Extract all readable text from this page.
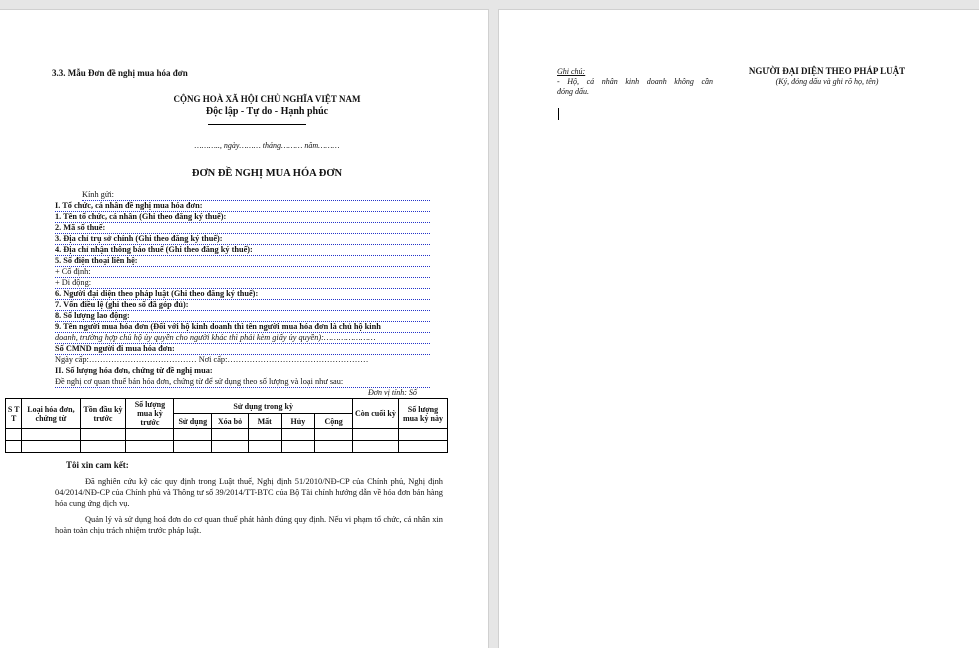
3.3. Mẫu Đơn đề nghị mua hóa đơn
CỘNG HOÀ XÃ HỘI CHỦ NGHĨA VIỆT NAM
Độc lập - Tự do - Hạnh phúc
……….., ngày……… tháng……… năm………
ĐƠN ĐỀ NGHỊ MUA HÓA ĐƠN
Kính gửi:
I. Tổ chức, cá nhân đề nghị mua hóa đơn:
1. Tên tổ chức, cá nhân (Ghi theo đăng ký thuế):
2. Mã số thuế:
3. Địa chỉ trụ sở chính (Ghi theo đăng ký thuế):
4. Địa chỉ nhận thông báo thuế (Ghi theo đăng ký thuế):
5. Số điện thoại liên hệ:
+ Cố định:
+ Di động:
6. Người đại diện theo pháp luật (Ghi theo đăng ký thuế):
7. Vốn điều lệ (ghi theo số đã góp đủ):
8. Số lượng lao động:
9. Tên người mua hóa đơn (Đối với hộ kinh doanh thì tên người mua hóa đơn là chủ hộ kinh
doanh, trường hợp chủ hộ ủy quyền cho người khác thì phải kèm giấy ủy quyền):…………………
Số CMND người đi mua hóa đơn:
Ngày cấp:………………………………… Nơi cấp:……………………………………………
II. Số lượng hóa đơn, chứng từ đề nghị mua:
Đề nghị cơ quan thuế bán hóa đơn, chứng từ để sử dụng theo số lượng và loại như sau:
Đơn vị tính: Số
S T T	Loại hóa đơn, chứng từ	Tồn đầu kỳ trước	Số lượng mua kỳ trước	Sử dụng trong kỳ					Còn cuối kỳ	Số lượng mua kỳ này
				Sử dụng	Xóa bỏ	Mất	Hủy	Cộng		

Tôi xin cam kết:
Đã nghiên cứu kỹ các quy định trong Luật thuế, Nghị định 51/2010/NĐ-CP của Chính phủ, Nghị định 04/2014/NĐ-CP của Chính phủ và Thông tư số 39/2014/TT-BTC của Bộ Tài chính hướng dẫn về hóa đơn bán hàng hóa cung ứng dịch vụ.
Quản lý và sử dụng hoá đơn do cơ quan thuế phát hành đúng quy định. Nếu vi phạm tổ chức, cá nhân xin hoàn toàn chịu trách nhiệm trước pháp luật.
Ghi chú:
- Hộ, cá nhân kinh doanh không cần
đóng dấu.
NGƯỜI ĐẠI DIỆN THEO PHÁP LUẬT
(Ký, đóng dấu và ghi rõ họ, tên)
